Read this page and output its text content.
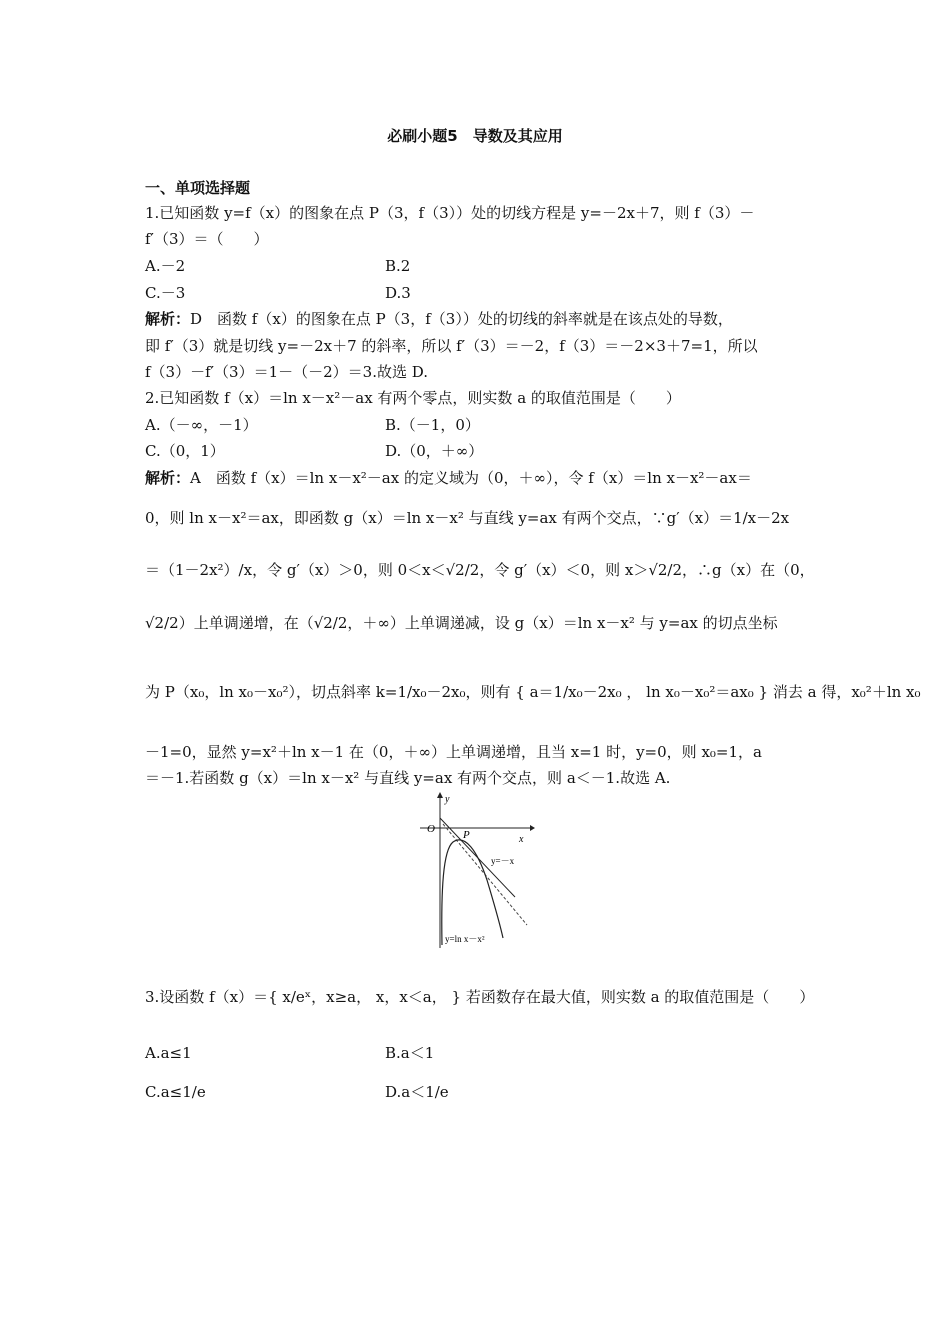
必刷小题5　导数及其应用
一、单项选择题
1.已知函数 y=f（x）的图象在点 P（3，f（3））处的切线方程是 y=－2x＋7，则 f（3）－
f′（3）＝（　　）
A.－2	B.2
C.－3	D.3
解析：D　函数 f（x）的图象在点 P（3，f（3））处的切线的斜率就是在该点处的导数，
即 f′（3）就是切线 y=－2x＋7 的斜率，所以 f′（3）＝－2，f（3）＝－2×3＋7=1，所以
f（3）－f′（3）＝1－（－2）＝3.故选 D.
2.已知函数 f（x）＝ln x－x²－ax 有两个零点，则实数 a 的取值范围是（　　）
A.（－∞，－1）	B.（－1，0）
C.（0，1）	D.（0，＋∞）
解析：A　函数 f（x）＝ln x－x²－ax 的定义域为（0，＋∞），令 f（x）＝ln x－x²－ax＝
0，则 ln x－x²＝ax，即函数 g（x）＝ln x－x² 与直线 y=ax 有两个交点，∵g′（x）＝1/x－2x
＝（1－2x²）/x，令 g′（x）＞0，则 0＜x＜√2/2，令 g′（x）＜0，则 x＞√2/2，∴g（x）在（0，
√2/2）上单调递增，在（√2/2，＋∞）上单调递减，设 g（x）＝ln x－x² 与 y=ax 的切点坐标
为 P（x₀，ln x₀－x₀²），切点斜率 k=1/x₀－2x₀，则有 { a＝1/x₀－2x₀ ， ln x₀－x₀²＝ax₀ } 消去 a 得，x₀²＋ln x₀
－1=0，显然 y=x²＋ln x－1 在（0，＋∞）上单调递增，且当 x=1 时，y=0，则 x₀=1，a
＝－1.若函数 g（x）＝ln x－x² 与直线 y=ax 有两个交点，则 a＜－1.故选 A.
y
x
O	P
y=－x
y=ln x－x²
3.设函数 f（x）＝{ x/eˣ，x≥a， x，x＜a， } 若函数存在最大值，则实数 a 的取值范围是（　　）
A.a≤1	B.a＜1
C.a≤1/e	D.a＜1/e
